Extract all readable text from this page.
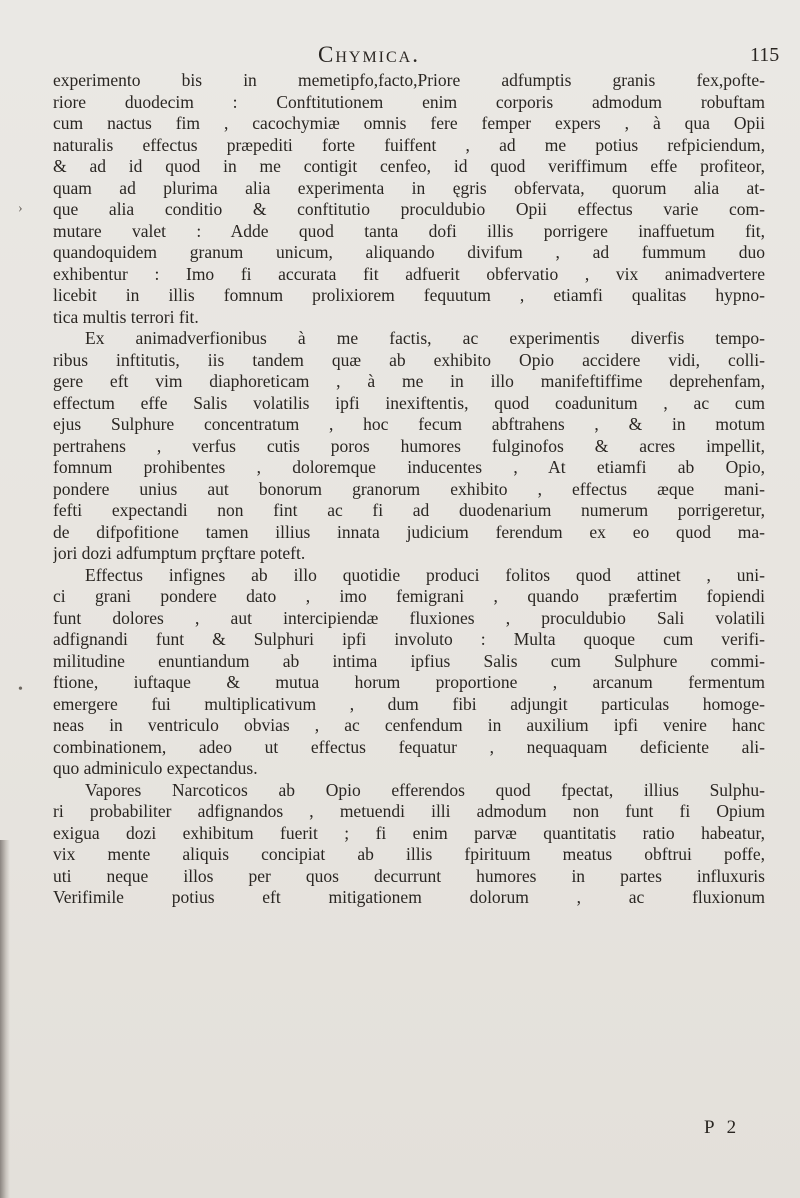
Chymica.	115
experimento bis in memetipfo,facto,Priore adfumptis granis fex,pofte-
riore duodecim : Conftitutionem enim corporis admodum robuftam
cum nactus fim , cacochymiæ omnis fere femper expers , à qua Opii
naturalis effectus præpediti forte fuiffent , ad me potius refpiciendum,
& ad id quod in me contigit cenfeo, id quod veriffimum effe profiteor,
quam ad plurima alia experimenta in ęgris obfervata, quorum alia at-
que alia conditio & conftitutio proculdubio Opii effectus varie com-
mutare valet : Adde quod tanta dofi illis porrigere inaffuetum fit,
quandoquidem granum unicum, aliquando divifum , ad fummum duo
exhibentur : Imo fi accurata fit adfuerit obfervatio , vix animadvertere
licebit in illis fomnum prolixiorem fequutum , etiamfi qualitas hypno-
tica multis terrori fit.
Ex animadverfionibus à me factis, ac experimentis diverfis tempo-
ribus inftitutis, iis tandem quæ ab exhibito Opio accidere vidi, colli-
gere eft vim diaphoreticam , à me in illo manifeftiffime deprehenfam,
effectum effe Salis volatilis ipfi inexiftentis, quod coadunitum , ac cum
ejus Sulphure concentratum , hoc fecum abftrahens , & in motum
pertrahens , verfus cutis poros humores fulginofos & acres impellit,
fomnum prohibentes , doloremque inducentes , At etiamfi ab Opio,
pondere unius aut bonorum granorum exhibito , effectus æque mani-
fefti expectandi non fint ac fi ad duodenarium numerum porrigeretur,
de difpofitione tamen illius innata judicium ferendum ex eo quod ma-
jori dozi adfumptum prçftare poteft.
Effectus infignes ab illo quotidie produci folitos quod attinet , uni-
ci grani pondere dato , imo femigrani , quando præfertim fopiendi
funt dolores , aut intercipiendæ fluxiones , proculdubio Sali volatili
adfignandi funt & Sulphuri ipfi involuto : Multa quoque cum verifi-
militudine enuntiandum ab intima ipfius Salis cum Sulphure commi-
ftione, iuftaque & mutua horum proportione , arcanum fermentum
emergere fui multiplicativum , dum fibi adjungit particulas homoge-
neas in ventriculo obvias , ac cenfendum in auxilium ipfi venire hanc
combinationem, adeo ut effectus fequatur , nequaquam deficiente ali-
quo adminiculo expectandus.
Vapores Narcoticos ab Opio efferendos quod fpectat, illius Sulphu-
ri probabiliter adfignandos , metuendi illi admodum non funt fi Opium
exigua dozi exhibitum fuerit ; fi enim parvæ quantitatis ratio habeatur,
vix mente aliquis concipiat ab illis fpirituum meatus obftrui poffe,
uti neque illos per quos decurrunt humores in partes influxuris
Verifimile potius eft mitigationem dolorum , ac fluxionum
›
•
P 2
